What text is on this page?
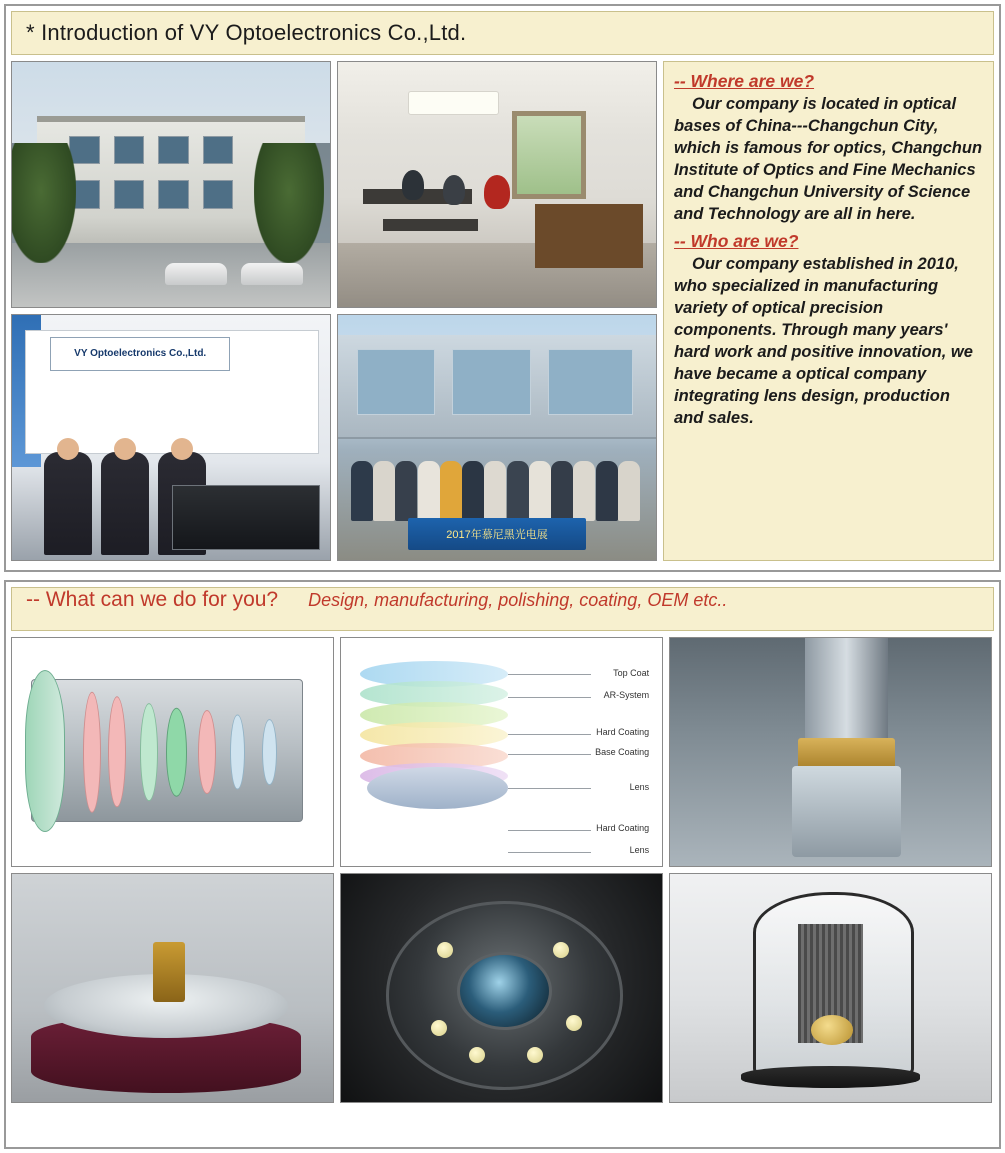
* Introduction of VY Optoelectronics Co.,Ltd.
VY Optoelectronics Co.,Ltd.
2017年慕尼黑光电展
-- Where are we?
Our company is located in optical bases of China---Changchun City, which is famous for optics, Changchun Institute of Optics and Fine Mechanics and Changchun University of Science and Technology are all in here.
-- Who are we?
Our company established in 2010, who specialized in manufacturing variety of optical precision components. Through many years' hard work and positive innovation, we have became a optical company integrating lens design, production and sales.
-- What can we do for you? Design, manufacturing, polishing, coating, OEM etc..
Top Coat
AR-System
Hard Coating
Base Coating
Lens
Hard Coating
Lens
